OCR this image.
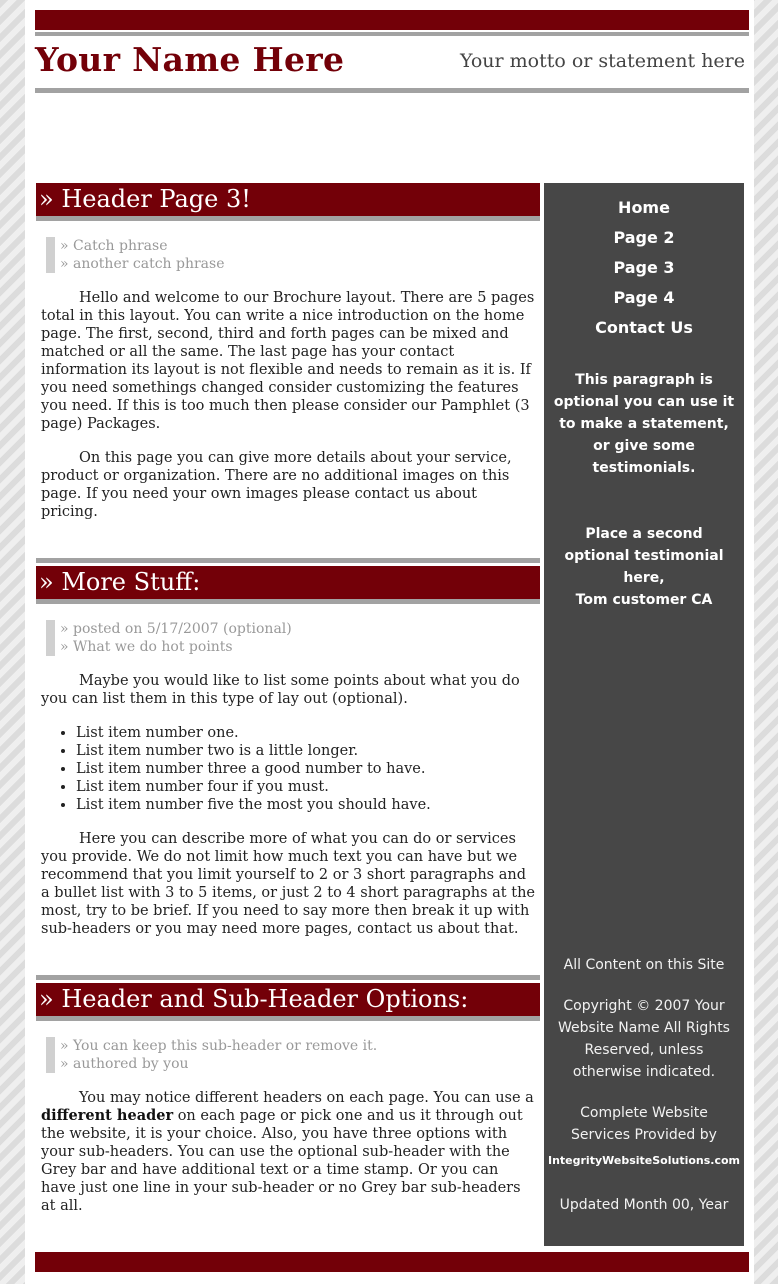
Your Name Here	Your motto or statement here
» Header Page 3!
» Catch phrase
» another catch phrase

Hello and welcome to our Brochure layout. There are 5 pages total in this layout. You can write a nice introduction on the home page. The first, second, third and forth pages can be mixed and matched or all the same. The last page has your contact information its layout is not flexible and needs to remain as it is. If you need somethings changed consider customizing the features you need. If this is too much then please consider our Pamphlet (3 page) Packages.

On this page you can give more details about your service, product or organization. There are no additional images on this page. If you need your own images please contact us about pricing.

» More Stuff:
» posted on 5/17/2007 (optional)
» What we do hot points

Maybe you would like to list some points about what you do you can list them in this type of lay out (optional).

• List item number one.
• List item number two is a little longer.
• List item number three a good number to have.
• List item number four if you must.
• List item number five the most you should have.

Here you can describe more of what you can do or services you provide. We do not limit how much text you can have but we recommend that you limit yourself to 2 or 3 short paragraphs and a bullet list with 3 to 5 items, or just 2 to 4 short paragraphs at the most, try to be brief. If you need to say more then break it up with sub-headers or you may need more pages, contact us about that.

» Header and Sub-Header Options:
» You can keep this sub-header or remove it.
» authored by you

You may notice different headers on each page. You can use a different header on each page or pick one and us it through out the website, it is your choice. Also, you have three options with your sub-headers. You can use the optional sub-header with the Grey bar and have additional text or a time stamp. Or you can have just one line in your sub-header or no Grey bar sub-headers at all.

Home
Page 2
Page 3
Page 4
Contact Us
This paragraph is optional you can use it to make a statement, or give some testimonials.
Place a second optional testimonial here,
Tom customer CA
All Content on this Site
Copyright © 2007 Your Website Name All Rights Reserved, unless otherwise indicated.
Complete Website Services Provided by
IntegrityWebsiteSolutions.com
Updated Month 00, Year
